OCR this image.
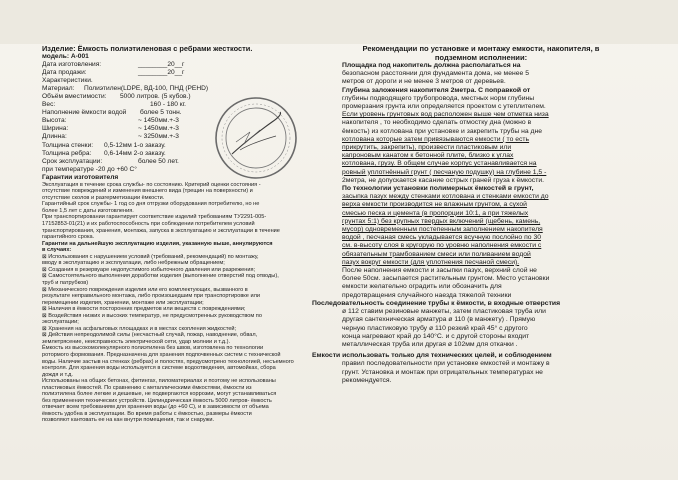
Изделие: Ёмкость полиэтиленовая с ребрами жесткости.
модель: А-001
Дата изготовления:	________20__г
Дата продажи:	________20__г
Характеристики.
Материал: Полиэтилен(LDPE, ВД-100, ПНД (PEHD)
Объём вместимости: 5000 литров. (5 кубов.)
Вес:	160 - 180 кг.
Наполнение ёмкости водой более 5 тонн.
Высота:	~ 1450мм.+-3
Ширина:	~ 1450мм.+-3
Длинна:	~ 3250мм.+-3
Толщина стенки: 0,5-12мм 1-о заказу.
Толщина ребра: 0,6-14мм 2-о заказу.
Срок эксплуатации:	более 50 лет.
при температуре -20 до +60 С°
Гарантии изготовителя
Эксплуатация в течение срока службы- по состоянию. Критерий оценки состояния -
отсутствие повреждений и изменения внешнего вида (трещин на поверхности) и
отсутствие сколов и разгерметизации ёмкости.
Гарантийный срок службы- 1 год со дня отгрузки оборудования потребителю, но не
более 1,5 лет с даты изготовления.
При транспортировании гарантирует соответствие изделий требованиям ТУ2291-005-
17152853-01(21) и их работоспособность при соблюдении потребителем условий
транспортирования, хранения, монтажа, запуска в эксплуатацию и эксплуатации в течение
гарантийного срока.
Гарантии на дальнейшую эксплуатацию изделия, указанную выше, аннулируются
в случаях:
⊠ Использования с нарушением условий (требований, рекомендаций) по монтажу,
вводу в эксплуатацию и эксплуатации, либо небрежным обращением;
⊠ Создания в резервуаре недопустимого избыточного давления или разрежения;
⊠ Самостоятельного выполнения доработки изделия (выполнение отверстий под отводы),
труб и патрубков)
⊠ Механического повреждения изделия или его комплектующих, вызванного в
результате неправильного монтажа, либо произошедшим при транспортировке или
перемещении изделия, хранении, монтаже или эксплуатации;
⊠ Наличия в ёмкости посторонних предметов или веществ с повреждениями;
⊠ Воздействия низких и высоких температур, не предусмотренных руководством по
эксплуатации;
⊠ Хранения на асфальтовых площадках и в местах скопления жидкостей;
⊠ Действия непреодолимой силы (несчастный случай, пожар, наводнение, обвал,
землетрясение, неисправность электрической сети, удар молнии и т.д.).
Ёмкость из высокомолекулярного полиэтилена без швов, изготовлена по технологии
ротормого формования. Предназначена для хранения подпочвенных систем с технической
воды. Наличие застыв на стенках (ребрах) и полостях, предусмотрено технологией, несъемного
контроля. Для хранения воды используется в системе водоотведения, автомойках, сбора
дождя и т.д.
Использованы на общих бетонах, фитингах, пиломатериалах и поэтому не использованы
пластиковых ёмкостей. По сравнению с металлическими ёмкостями, ёмкости из
полиэтилена более легкие и дешевые, не подвергаются коррозии, могут устанавливаться
без применения технических устройств. Цилиндрическая ёмкость 5000 литров- ёмкость
отвечает всем требованиям для хранения воды (до +60 С), и в зависимости от объема
ёмкость удобна в эксплуатации. Во время работы с ёмкостью, размеры ёмкости
позволяют кантовать ее на кан внутри помещения, так и снаружи.
Рекомендации по установке и монтажу емкости, накопителя, в
подземном исполнении:
Площадка под накопитель должна располагаться на
безопасном расстоянии для фундамента дома, не менее 5
метров от дороги и не менее 3 метров от деревьев.
Глубина заложения накопителя 2метра. С поправкой от
глубины подводящего трубопровода, местных норм глубины
промерзания грунта или определяется проектом с утеплителем.
Если уровень грунтовых вод расположен выше чем отметка низа
накопителя , то необходимо сделать отмостку дна (можно в
ёмкость) из котлована при установке и закрепить трубы на дне
котлована которые затем привязываются емкости ( то есть
прикрутить, закрепить), произвести пластиковым или
капроновым канатом к бетонной плите, близко к углах
котлована, грузу. В общем случае корпус устанавливается на
ровный уплотнённый грунт ( песчаную подушку) на глубине 1,5 -
2метра, не допускается касание острых граней груза к ёмкости.
По технологии установки полимерных ёмкостей в грунт,
засыпка пазух между стенками котлована и стенками емкости до
верха емкости производится не влажным грунтом, а сухой
смесью песка и цемента (в пропорции 10:1, а при тяжелых
грунтах 5:1) без крупных твердых включений (щебень, камень,
мусор) одновременным постепенным заполнением накопителя
водой , песчаная смесь укладывается всучную послойно по 30
см. в-высоту слоя в кругорую по уровню наполнения емкости с
обязательным трамбованием смеси или поливанием водой
пазух вокруг емкости (для уплотнения песчаной смеси).
После наполнения емкости и засыпки пазух, верхний слой не
более 50см. засыпается растительным грунтом. Место установки
емкости желательно оградить или обозначить для
предотвращения случайного наезда тяжелой техники
Последовательность соединение трубы к ёмкости, в входные отверстия
ø 112 ставим резиновые манжеты, затем пластиковая труба или
другая сантехническая арматура ø 110 (в манжету) . Прямую
черную пластиковую трубу ø 110 резкий край 45° с другого
конца нагревают край до 140°С. и с другой стороны входит
металлическая труба или другая ø 102мм для откачки .
Емкости использовать только для технических целей, и соблюдением
правил последовательности при установке емкостей и монтажу в
грунт. Установка и монтаж при отрицательных температурах не
рекомендуется.
